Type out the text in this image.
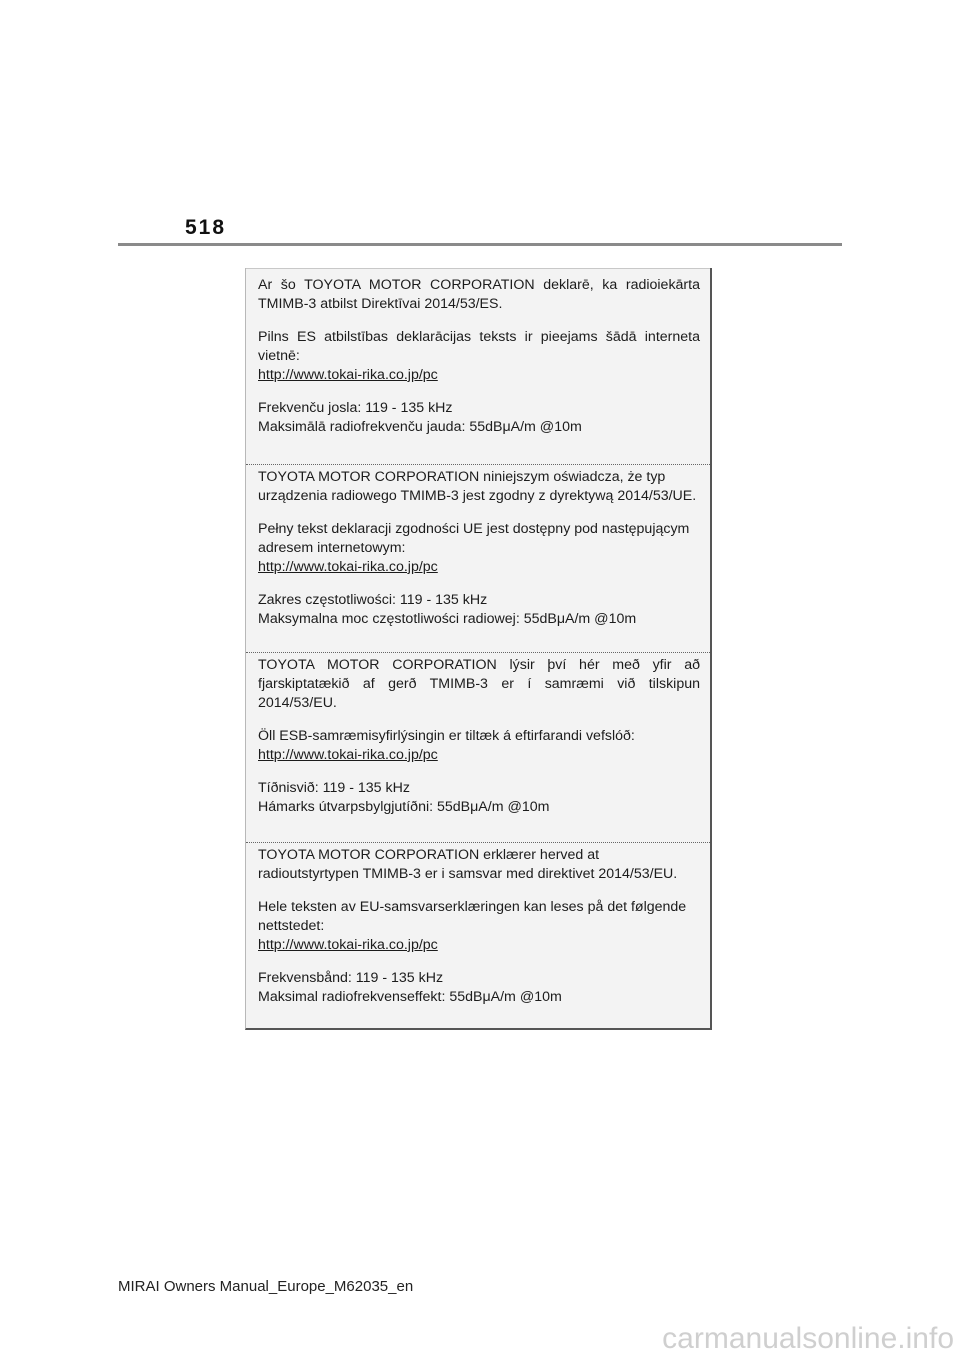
518

Ar šo TOYOTA MOTOR CORPORATION deklarē, ka radioiekārta

TMIMB-3 atbilst Direktīvai 2014/53/ES.

Pilns ES atbilstības deklarācijas teksts ir pieejams šādā interneta

vietnē:

http://www.tokai-rika.co.jp/pc

Frekvenču josla: 119 - 135 kHz

Maksimālā radiofrekvenču jauda: 55dBμA/m @10m

TOYOTA MOTOR CORPORATION niniejszym oświadcza, że typ

urządzenia radiowego TMIMB-3 jest zgodny z dyrektywą 2014/53/UE.

Pełny tekst deklaracji zgodności UE jest dostępny pod następującym

adresem internetowym:

http://www.tokai-rika.co.jp/pc

Zakres częstotliwości: 119 - 135 kHz

Maksymalna moc częstotliwości radiowej: 55dBμA/m @10m

TOYOTA MOTOR CORPORATION lýsir því hér með yfir að

fjarskiptatækið af gerð TMIMB-3 er í samræmi við tilskipun

2014/53/EU.

Öll ESB-samræmisyfirlýsingin er tiltæk á eftirfarandi vefslóð:

http://www.tokai-rika.co.jp/pc

Tíðnisvið: 119 - 135 kHz

Hámarks útvarpsbylgjutíðni: 55dBμA/m @10m

TOYOTA MOTOR CORPORATION erklærer herved at

radioutstyrtypen TMIMB-3 er i samsvar med direktivet 2014/53/EU.

Hele teksten av EU-samsvarserklæringen kan leses på det følgende

nettstedet:

http://www.tokai-rika.co.jp/pc

Frekvensbånd: 119 - 135 kHz

Maksimal radiofrekvenseffekt: 55dBμA/m @10m

MIRAI Owners Manual_Europe_M62035_en
carmanualsonline.info
